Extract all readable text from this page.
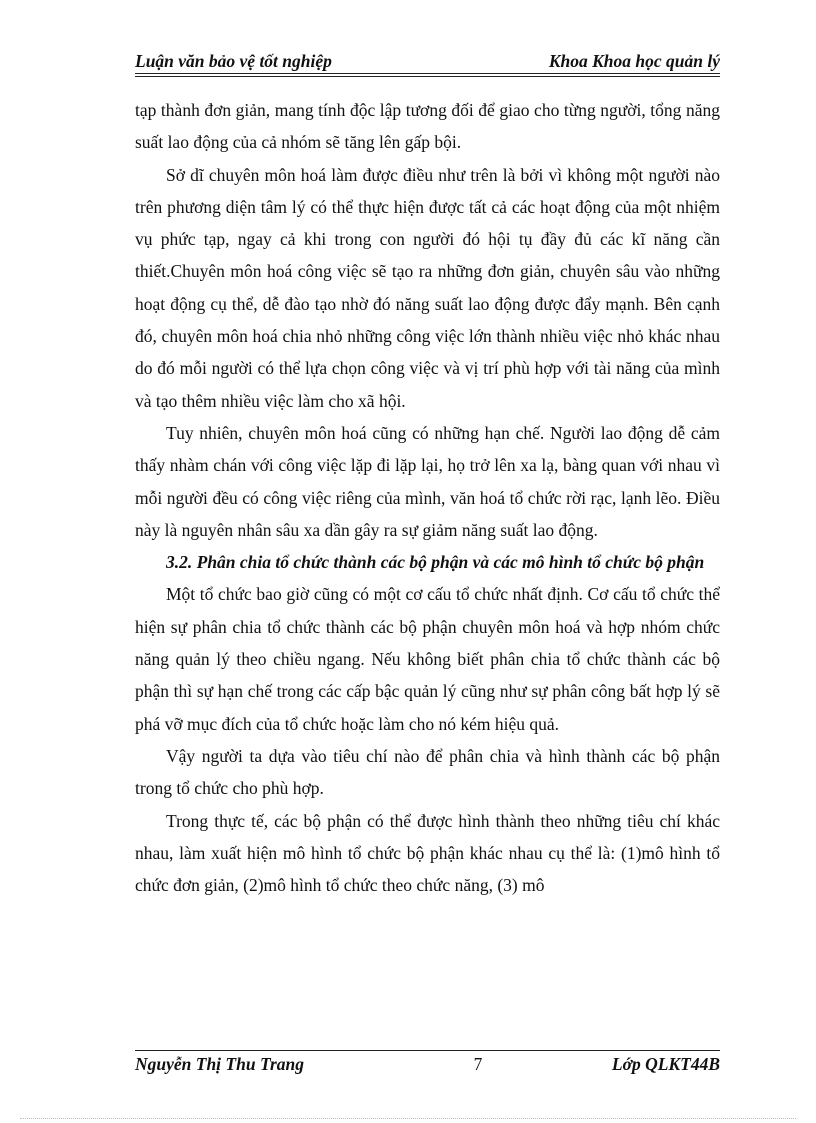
Luận văn bảo vệ tốt nghiệp	Khoa Khoa học quản lý

tạp thành đơn giản, mang tính độc lập tương đối để giao cho từng người, tổng năng suất lao động của cả nhóm sẽ tăng lên gấp bội.

Sở dĩ chuyên môn hoá làm được điều như trên là bởi vì không một người nào trên phương diện tâm lý có thể thực hiện được tất cả các hoạt động của một nhiệm vụ phức tạp, ngay cả khi trong con người đó hội tụ đầy đủ các kĩ năng cần thiết.Chuyên môn hoá công việc sẽ tạo ra những đơn giản, chuyên sâu vào những hoạt động cụ thể, dễ đào tạo nhờ đó năng suất lao động được đẩy mạnh. Bên cạnh đó, chuyên môn hoá chia nhỏ những công việc lớn thành nhiều việc nhỏ khác nhau do đó mỗi người có thể lựa chọn công việc và vị trí phù hợp với tài năng của mình và tạo thêm nhiều việc làm cho xã hội.

Tuy nhiên, chuyên môn hoá cũng có những hạn chế. Người lao động dễ cảm thấy nhàm chán với công việc lặp đi lặp lại, họ trở lên xa lạ, bàng quan với nhau vì mỗi người đều có công việc riêng của mình, văn hoá tổ chức rời rạc, lạnh lẽo. Điều này là nguyên nhân sâu xa dần gây ra sự giảm năng suất lao động.

3.2. Phân chia tổ chức thành các bộ phận và các mô hình tổ chức bộ phận

Một tổ chức bao giờ cũng có một cơ cấu tổ chức nhất định. Cơ cấu tổ chức thể hiện sự phân chia tổ chức thành các bộ phận chuyên môn hoá và hợp nhóm chức năng quản lý theo chiều ngang. Nếu không biết phân chia tổ chức thành các bộ phận thì sự hạn chế trong các cấp bậc quản lý cũng như sự phân công bất hợp lý sẽ phá vỡ mục đích của tổ chức hoặc làm cho nó kém hiệu quả.

Vậy người ta dựa vào tiêu chí nào để phân chia và hình thành các bộ phận trong tổ chức cho phù hợp.

Trong thực tế, các bộ phận có thể được hình thành theo những tiêu chí khác nhau, làm xuất hiện mô hình tổ chức bộ phận khác nhau cụ thể là: (1)mô hình tổ chức đơn giản, (2)mô hình tổ chức theo chức năng, (3) mô

Nguyễn Thị Thu Trang	7	Lớp QLKT44B
